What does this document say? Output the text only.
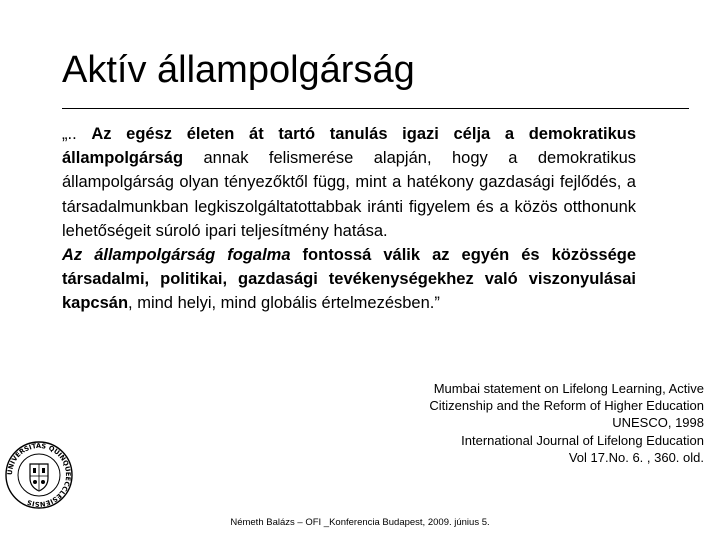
Aktív állampolgárság

„.. Az egész életen át tartó tanulás igazi célja a demokratikus állampolgárság annak felismerése alapján, hogy a demokratikus állampolgárság olyan tényezőktől függ, mint a hatékony gazdasági fejlődés, a társadalmunkban legkiszolgáltatottabbak iránti figyelem és a közös otthonunk lehetőségeit súroló ipari teljesítmény hatása.

Az állampolgárság fogalma fontossá válik az egyén és közössége társadalmi, politikai, gazdasági tevékenységekhez való viszonyulásai kapcsán, mind helyi, mind globális értelmezésben.”

Mumbai statement on Lifelong Learning, Active
Citizenship and the Reform of Higher Education
UNESCO, 1998
International Journal of Lifelong Education
Vol 17.No. 6. , 360. old.
UNIVERSITAS QUINQUEECCLESIENSIS
Németh Balázs – OFI _Konferencia Budapest, 2009. június 5.
